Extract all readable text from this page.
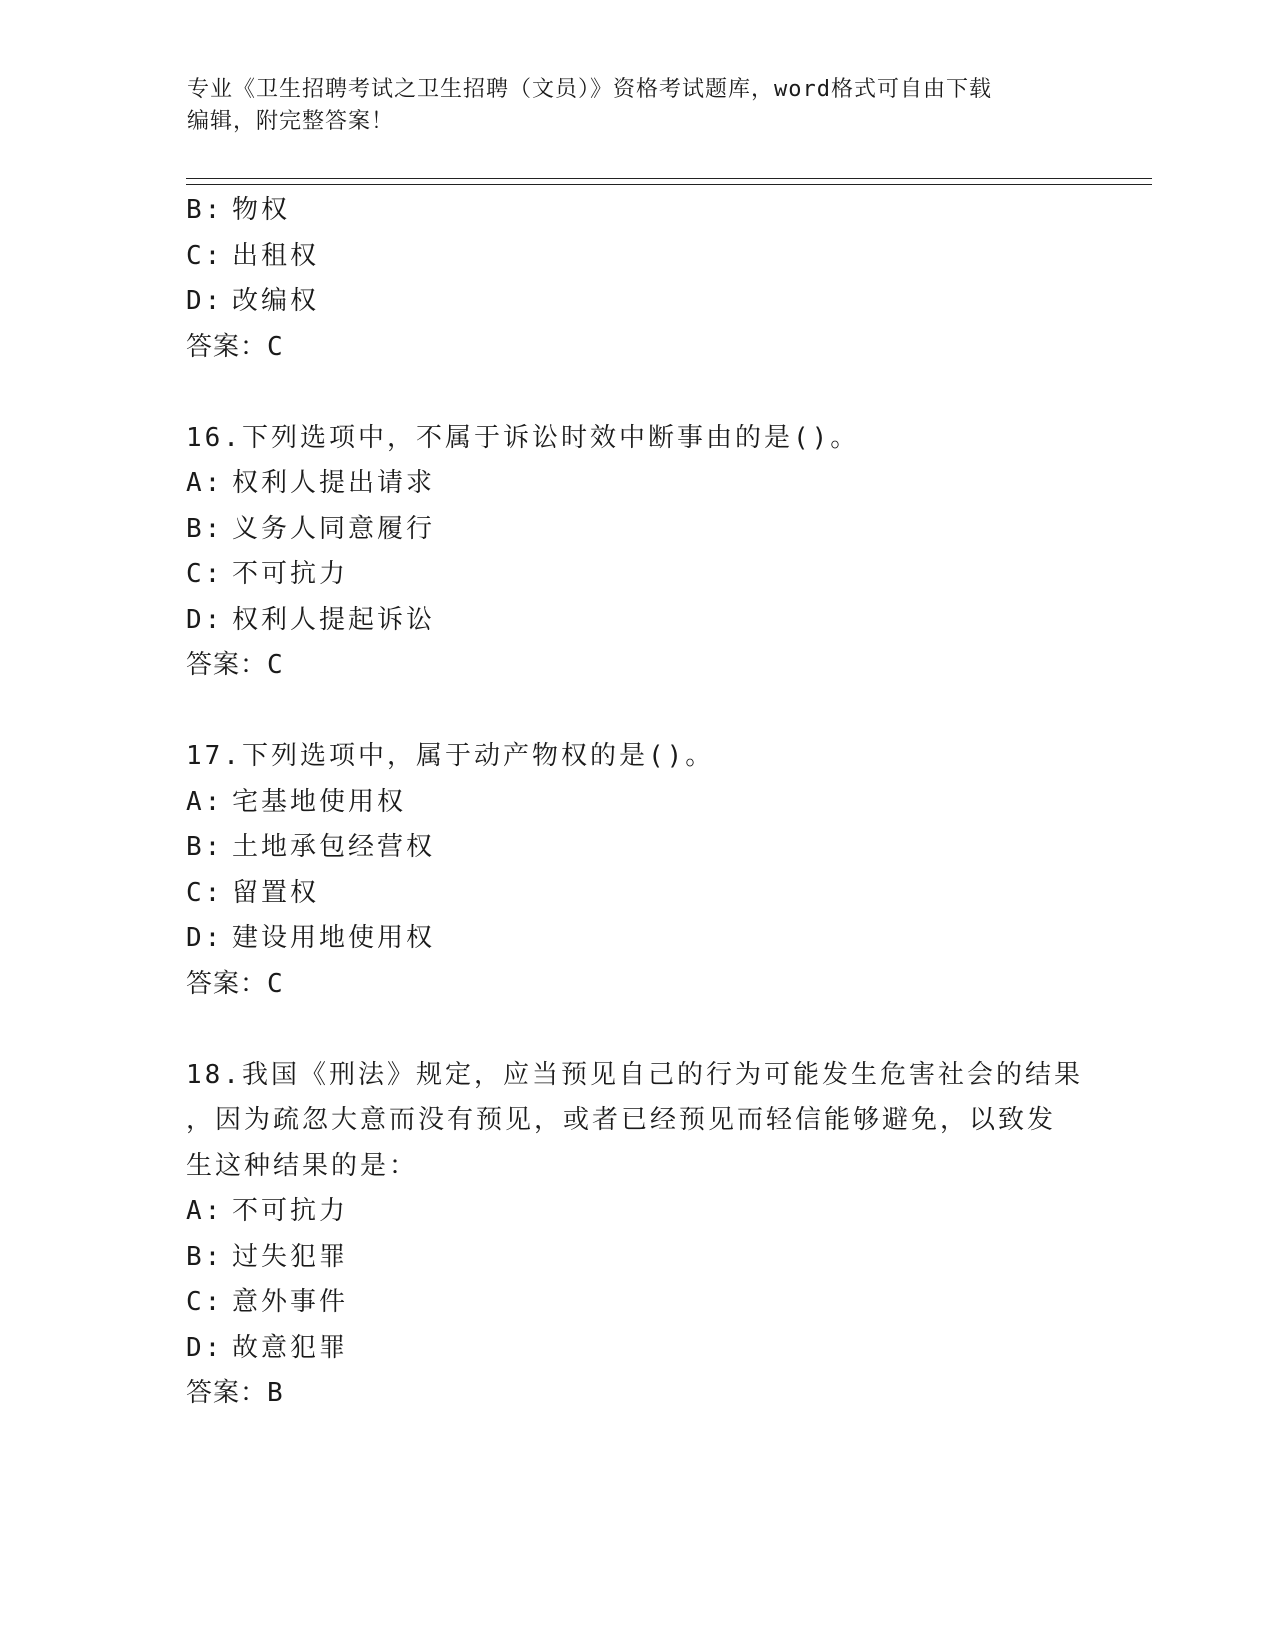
专业《卫生招聘考试之卫生招聘（文员）》资格考试题库，word格式可自由下载
编辑，附完整答案！
B: 物权
C: 出租权
D: 改编权
答案：C
16.下列选项中，不属于诉讼时效中断事由的是()。
A: 权利人提出请求
B: 义务人同意履行
C: 不可抗力
D: 权利人提起诉讼
答案：C
17.下列选项中，属于动产物权的是()。
A: 宅基地使用权
B: 土地承包经营权
C: 留置权
D: 建设用地使用权
答案：C
18.我国《刑法》规定，应当预见自己的行为可能发生危害社会的结果
，因为疏忽大意而没有预见，或者已经预见而轻信能够避免，以致发
生这种结果的是：
A: 不可抗力
B: 过失犯罪
C: 意外事件
D: 故意犯罪
答案：B
